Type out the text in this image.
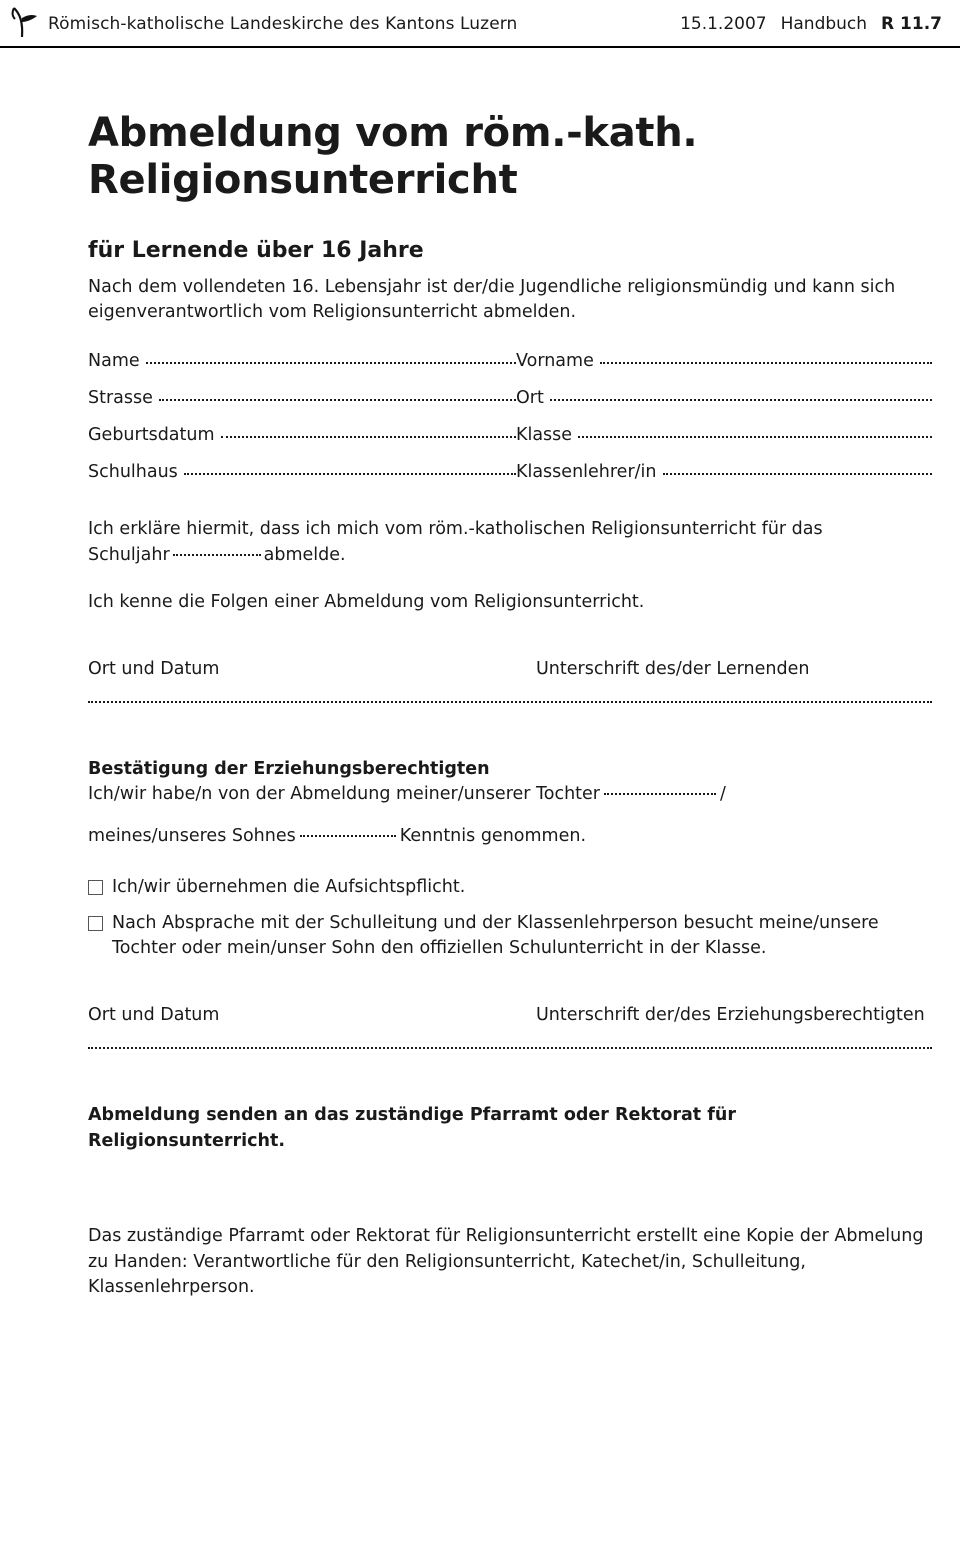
Römisch-katholische Landeskirche des Kantons Luzern	15.1.2007 Handbuch R 11.7
Abmeldung vom röm.-kath.
Religionsunterricht
für Lernende über 16 Jahre

Nach dem vollendeten 16. Lebensjahr ist der/die Jugendliche religionsmündig und kann sich eigenverantwortlich vom Religionsunterricht abmelden.

Name	Vorname
Strasse	Ort
Geburtsdatum	Klasse
Schulhaus	Klassenlehrer/in
Ich erkläre hiermit, dass ich mich vom röm.-katholischen Religionsunterricht für das
Schuljahr	abmelde.
Ich kenne die Folgen einer Abmeldung vom Religionsunterricht.
Ort und Datum	Unterschrift des/der Lernenden
Bestätigung der Erziehungsberechtigten

Ich/wir habe/n von der Abmeldung meiner/unserer Tochter	/

meines/unseres Sohnes	Kenntnis genommen.

Ich/wir übernehmen die Aufsichtspflicht.
Nach Absprache mit der Schulleitung und der Klassenlehrperson besucht meine/unsere Tochter oder mein/unser Sohn den offiziellen Schulunterricht in der Klasse.
Ort und Datum	Unterschrift der/des Erziehungsberechtigten
Abmeldung senden an das zuständige Pfarramt oder Rektorat für Religionsunterricht.
Das zuständige Pfarramt oder Rektorat für Religionsunterricht erstellt eine Kopie der Abmelung zu Handen: Verantwortliche für den Religionsunterricht, Katechet/in, Schulleitung, Klassenlehrperson.
